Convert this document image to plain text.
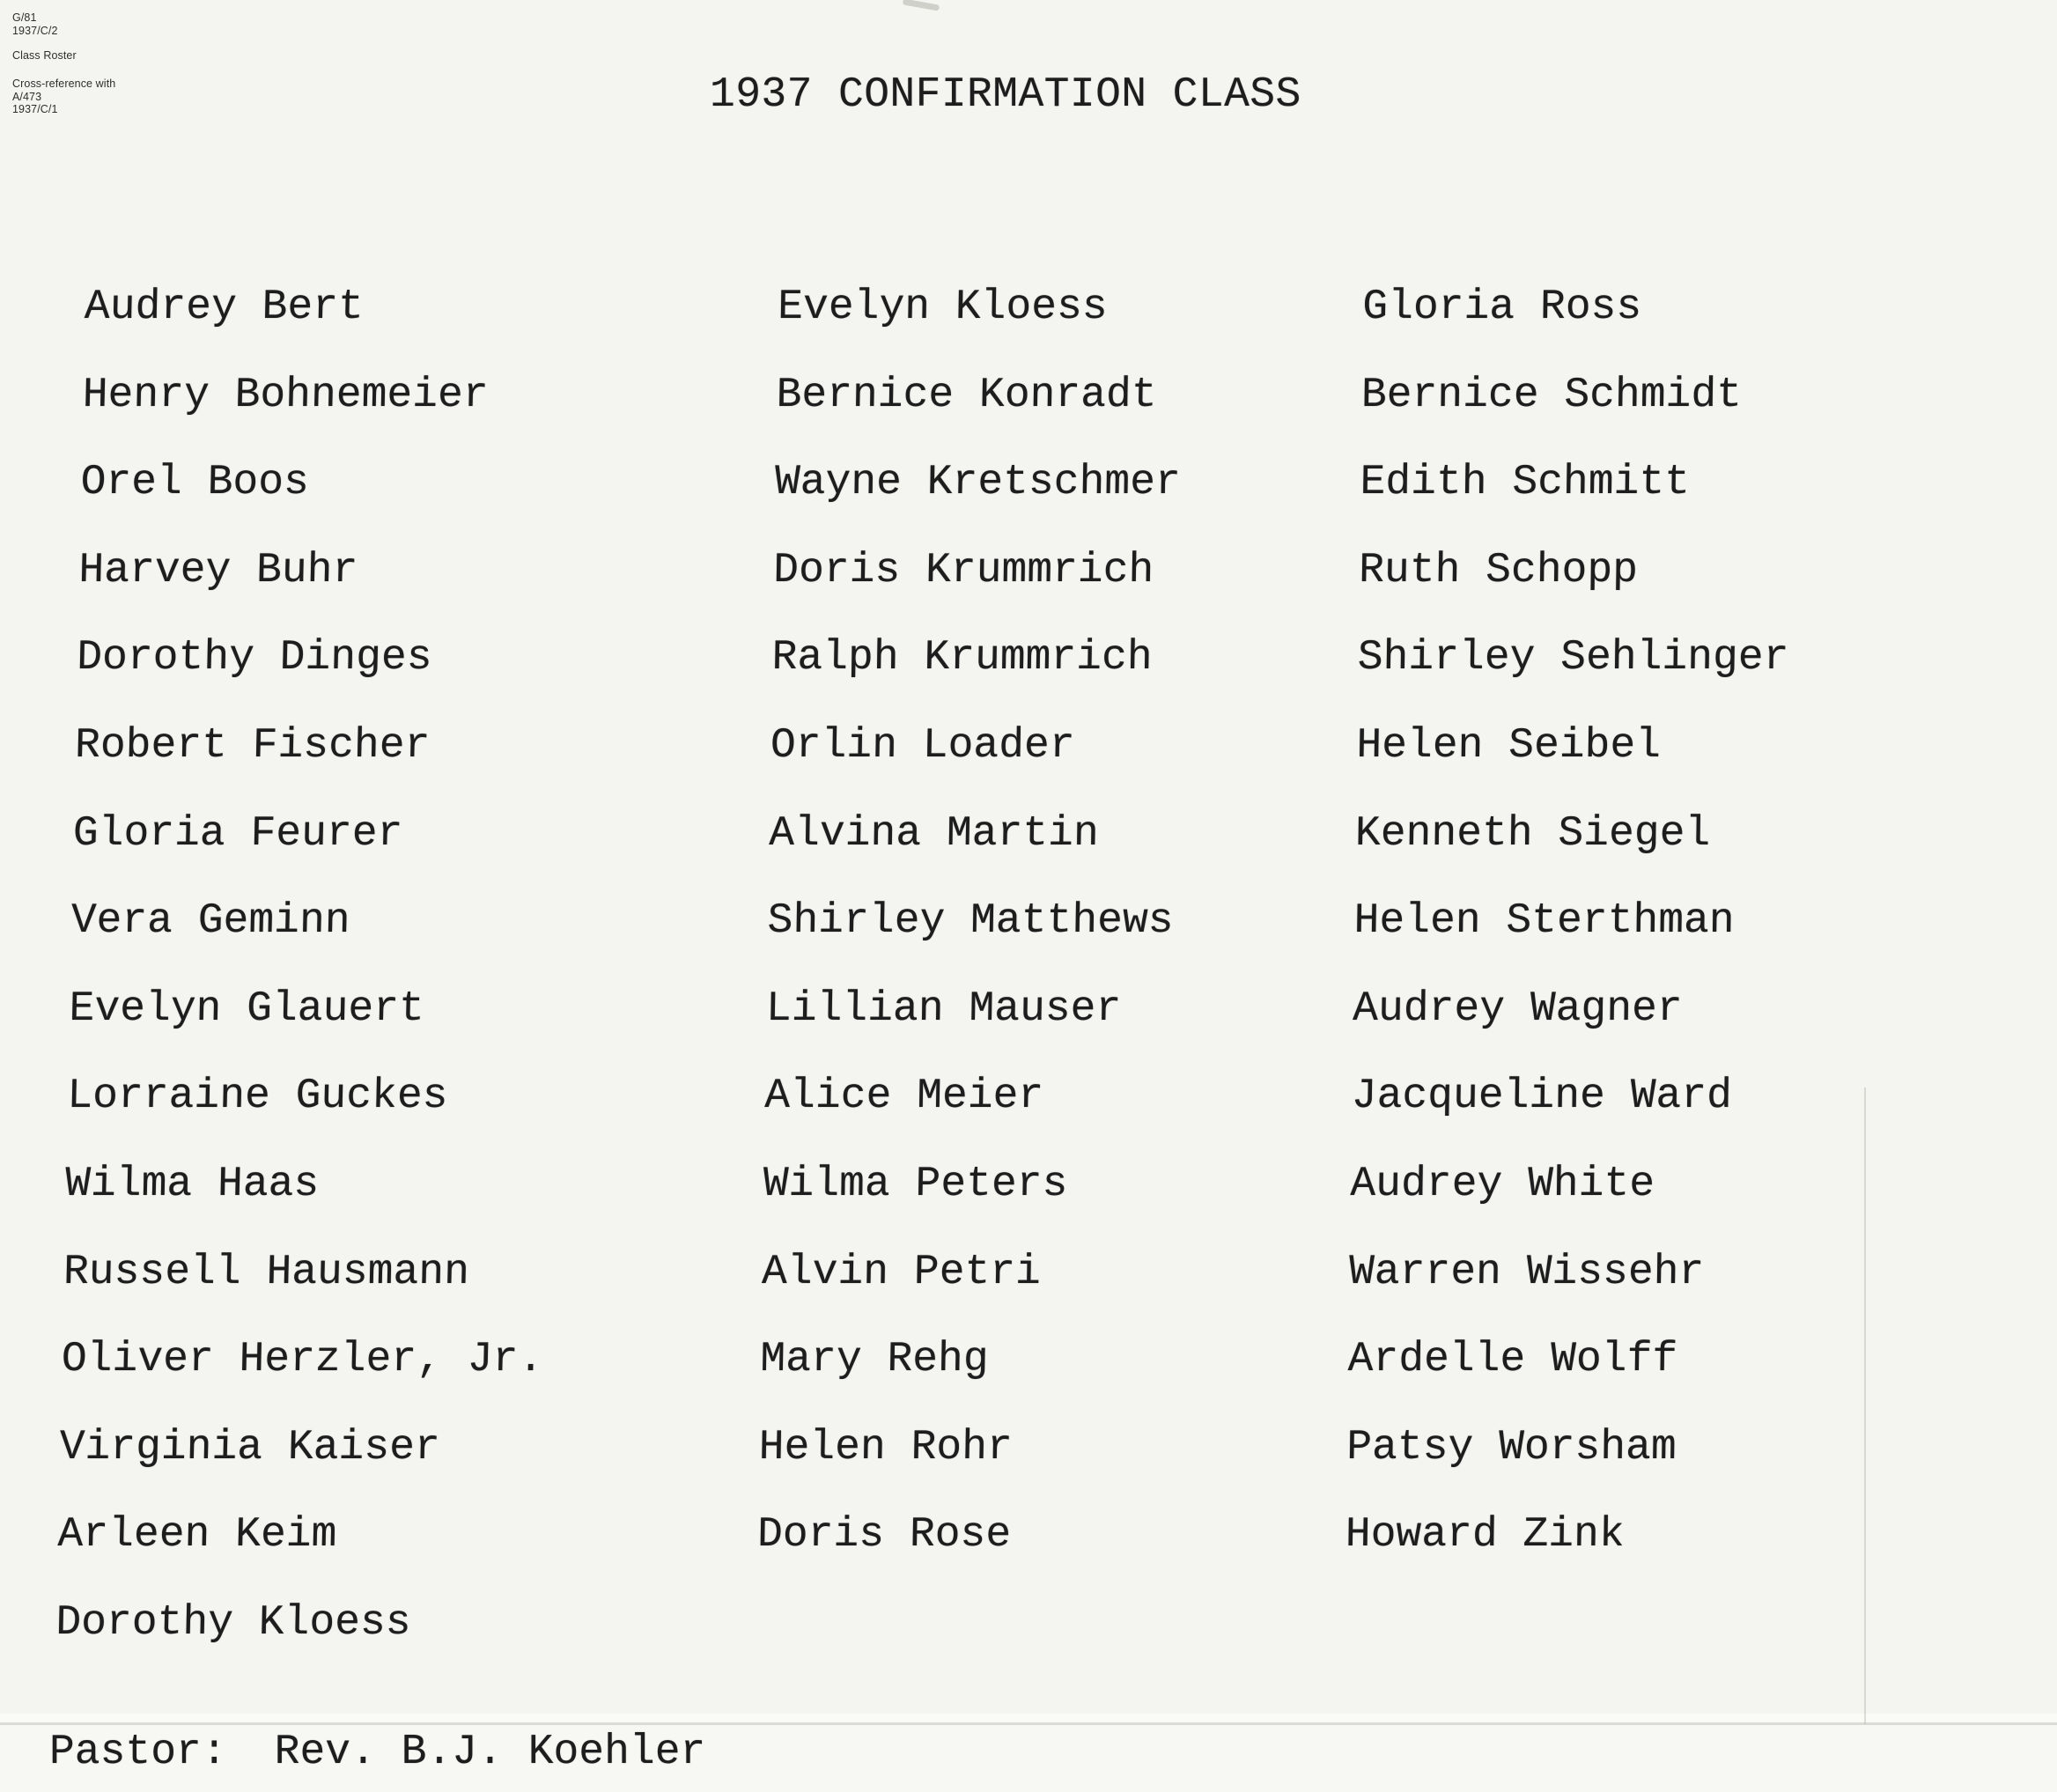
G/81
1937/C/2
Class Roster
Cross-reference with
A/473
1937/C/1	1937 CONFIRMATION CLASS
Audrey Bert
Henry Bohnemeier
Orel Boos
Harvey Buhr
Dorothy Dinges
Robert Fischer
Gloria Feurer
Vera Geminn
Evelyn Glauert
Lorraine Guckes
Wilma Haas
Russell Hausmann
Oliver Herzler, Jr.
Virginia Kaiser
Arleen Keim
Dorothy Kloess
Evelyn Kloess
Bernice Konradt
Wayne Kretschmer
Doris Krummrich
Ralph Krummrich
Orlin Loader
Alvina Martin
Shirley Matthews
Lillian Mauser
Alice Meier
Wilma Peters
Alvin Petri
Mary Rehg
Helen Rohr
Doris Rose
Gloria Ross
Bernice Schmidt
Edith Schmitt
Ruth Schopp
Shirley Sehlinger
Helen Seibel
Kenneth Siegel
Helen Sterthman
Audrey Wagner
Jacqueline Ward
Audrey White
Warren Wissehr
Ardelle Wolff
Patsy Worsham
Howard Zink
Pastor: Rev. B.J. Koehler
